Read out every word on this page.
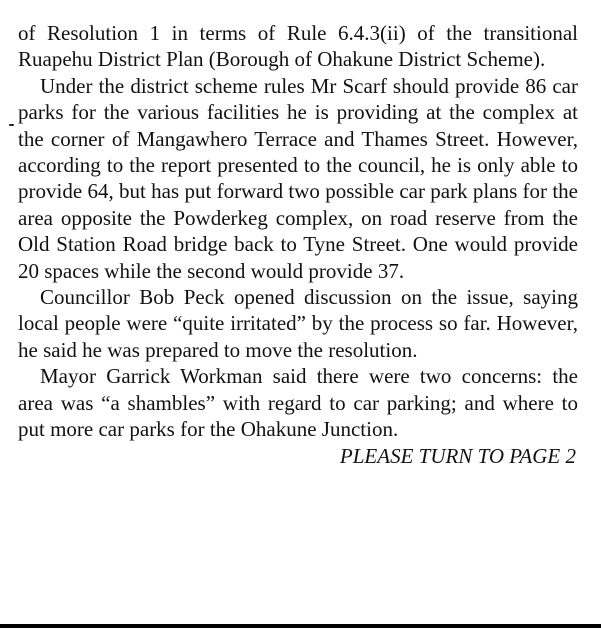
of Resolution 1 in terms of Rule 6.4.3(ii) of the transitional Ruapehu District Plan (Borough of Ohakune District Scheme).

Under the district scheme rules Mr Scarf should provide 86 car parks for the various facilities he is providing at the complex at the corner of Mangawhero Terrace and Thames Street. However, according to the report presented to the council, he is only able to provide 64, but has put forward two possible car park plans for the area opposite the Powderkeg complex, on road reserve from the Old Station Road bridge back to Tyne Street. One would provide 20 spaces while the second would provide 37.

Councillor Bob Peck opened discussion on the issue, saying local people were “quite irritated” by the process so far. However, he said he was prepared to move the resolution.

Mayor Garrick Workman said there were two concerns: the area was “a shambles” with regard to car parking; and where to put more car parks for the Ohakune Junction.

PLEASE TURN TO PAGE 2
